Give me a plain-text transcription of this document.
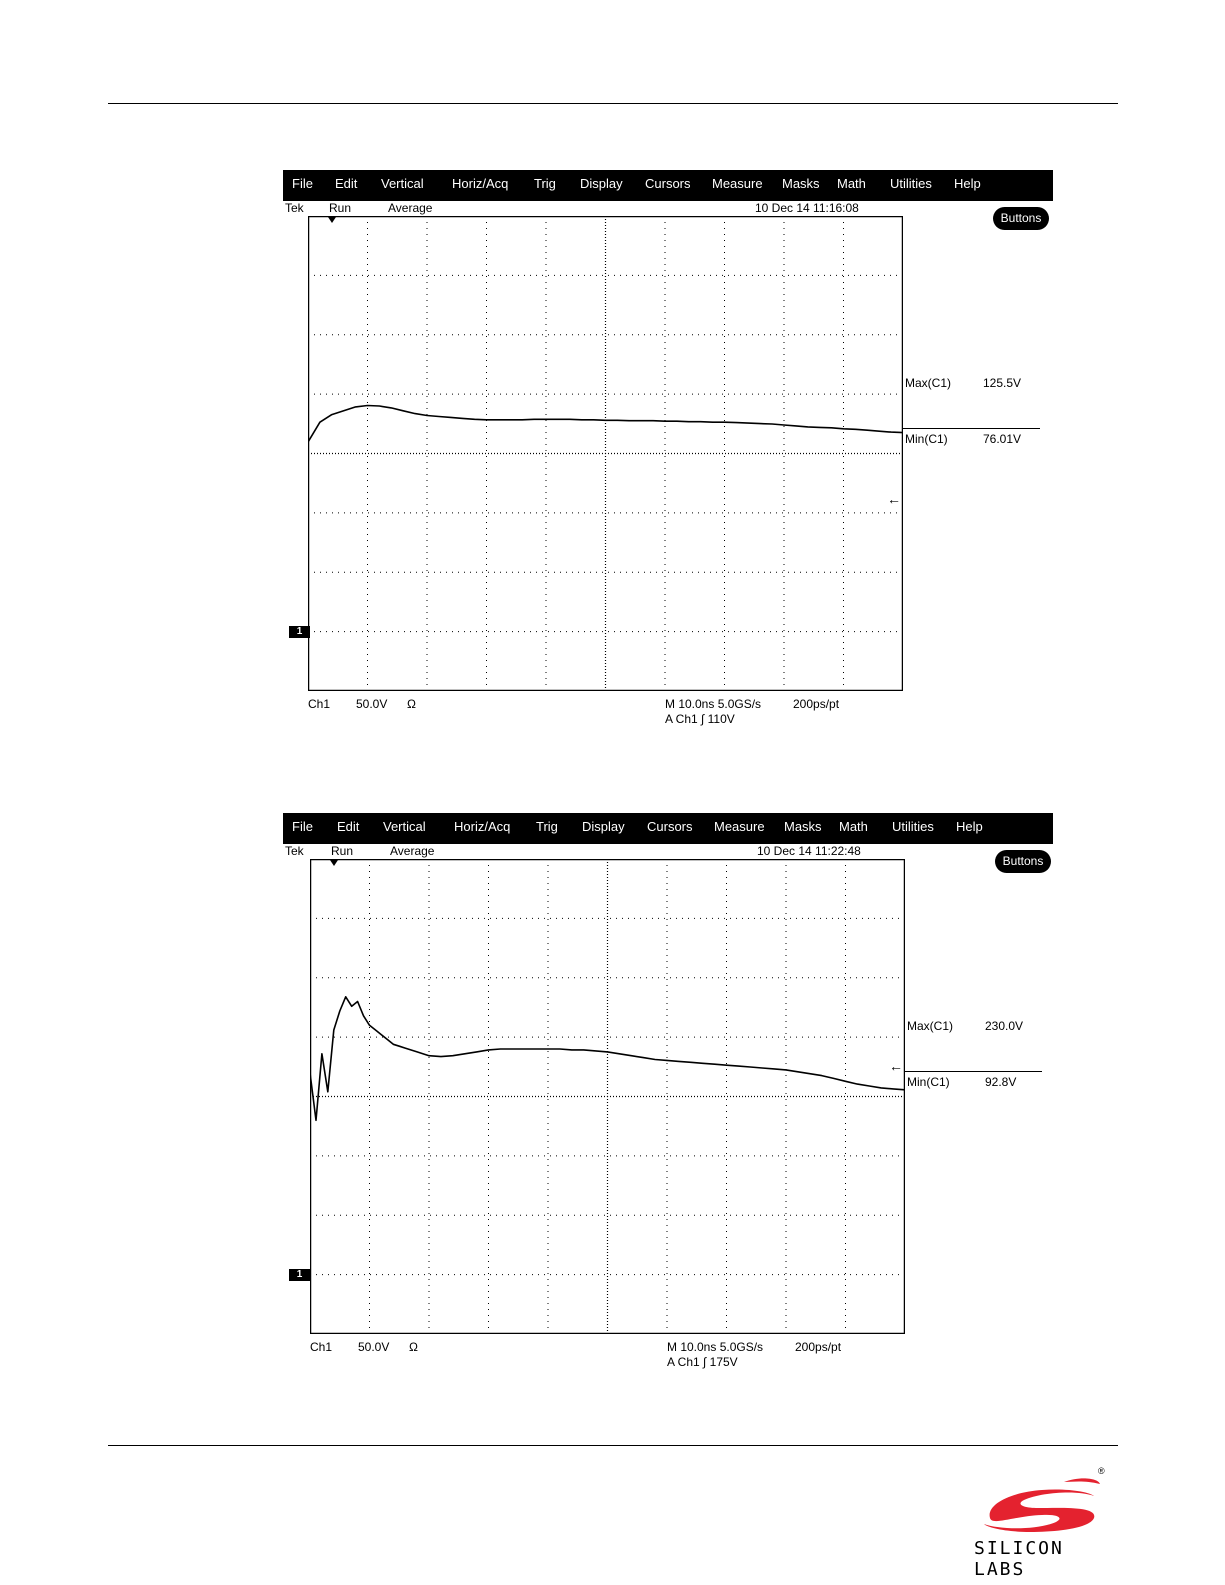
File Edit Vertical Horiz/Acq Trig Display Cursors Measure Masks Math Utilities Help
Tek Run	Average	10 Dec 14 11:16:08
Buttons
Max(C1)	125.5V
Min(C1)	76.01V
←
1
Ch1 50.0V Ω	M 10.0ns 5.0GS/s	200ps/pt
A Ch1 ∫ 110V
File Edit Vertical Horiz/Acq Trig Display Cursors Measure Masks Math Utilities Help
Tek Run	Average	10 Dec 14 11:22:48
Buttons
Max(C1)	230.0V
Min(C1)	92.8V
←
1
Ch1 50.0V Ω	M 10.0ns 5.0GS/s	200ps/pt
A Ch1 ∫ 175V
®
SILICON LABS
